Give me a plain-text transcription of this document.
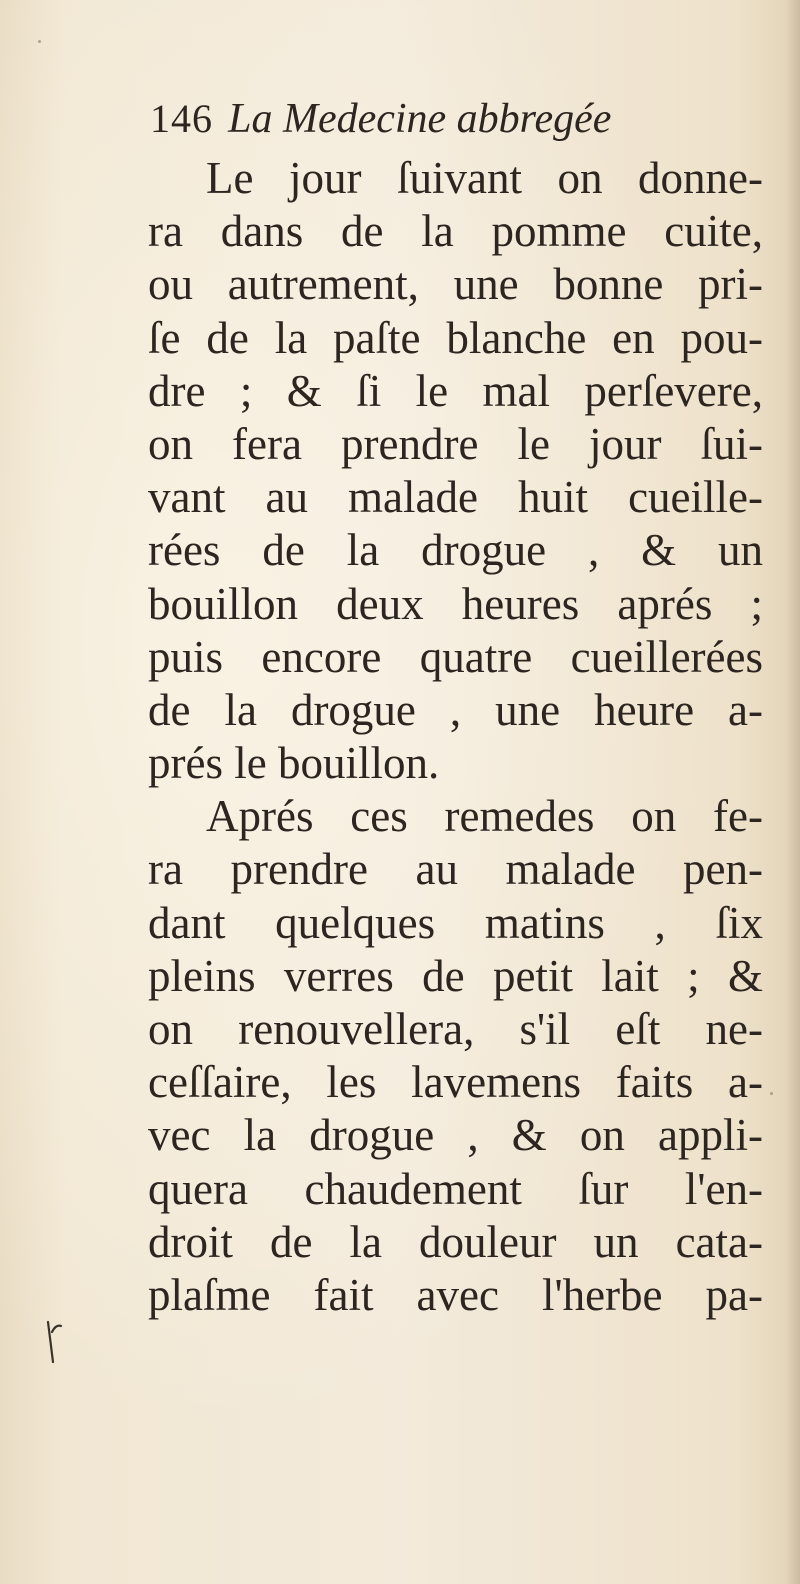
146 La Medecine abbregée
Le jour ſuivant on donne-
ra dans de la pomme cuite,
ou autrement, une bonne pri-
ſe de la paſte blanche en pou-
dre ; & ſi le mal perſevere,
on fera prendre le jour ſui-
vant au malade huit cueille-
rées de la drogue , & un
bouillon deux heures aprés ;
puis encore quatre cueillerées
de la drogue , une heure a-
prés le bouillon.
Aprés ces remedes on fe-
ra prendre au malade pen-
dant quelques matins , ſix
pleins verres de petit lait ; &
on renouvellera, s'il eſt ne-
ceſſaire, les lavemens faits a-
vec la drogue , & on appli-
quera chaudement ſur l'en-
droit de la douleur un cata-
plaſme fait avec l'herbe pa-
